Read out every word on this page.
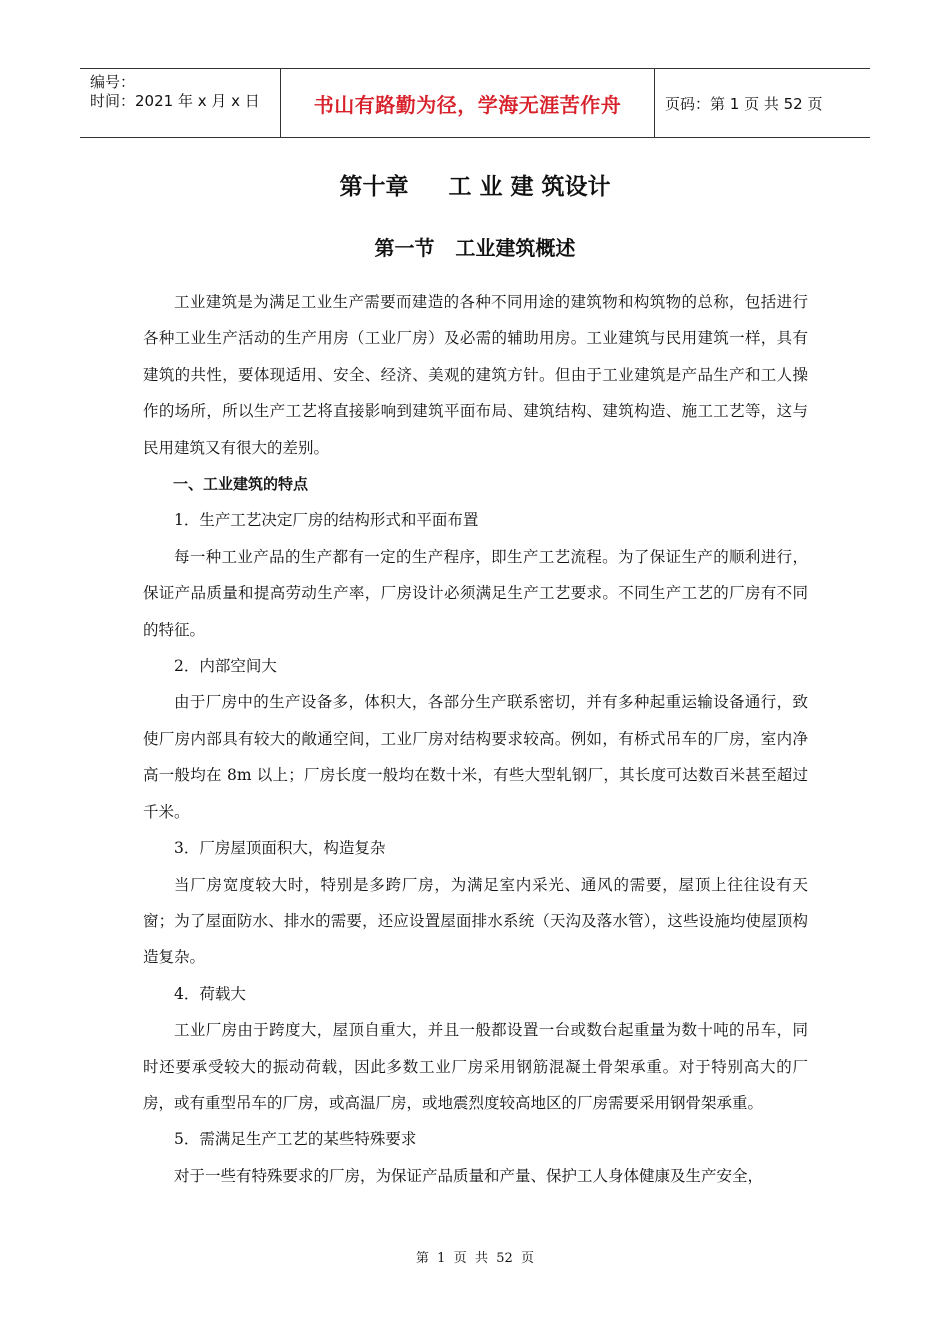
编号：
时间：2021 年 x 月 x 日	书山有路勤为径，学海无涯苦作舟	页码：第 1 页 共 52 页
第十章     工 业 建 筑设计
第一节   工业建筑概述

工业建筑是为满足工业生产需要而建造的各种不同用途的建筑物和构筑物的总称，包括进行各种工业生产活动的生产用房（工业厂房）及必需的辅助用房。工业建筑与民用建筑一样，具有建筑的共性，要体现适用、安全、经济、美观的建筑方针。但由于工业建筑是产品生产和工人操作的场所，所以生产工艺将直接影响到建筑平面布局、建筑结构、建筑构造、施工工艺等，这与民用建筑又有很大的差别。

一、工业建筑的特点

1．生产工艺决定厂房的结构形式和平面布置

每一种工业产品的生产都有一定的生产程序，即生产工艺流程。为了保证生产的顺利进行，保证产品质量和提高劳动生产率，厂房设计必须满足生产工艺要求。不同生产工艺的厂房有不同的特征。

2．内部空间大

由于厂房中的生产设备多，体积大，各部分生产联系密切，并有多种起重运输设备通行，致使厂房内部具有较大的敞通空间，工业厂房对结构要求较高。例如，有桥式吊车的厂房，室内净高一般均在 8m 以上；厂房长度一般均在数十米，有些大型轧钢厂，其长度可达数百米甚至超过千米。

3．厂房屋顶面积大，构造复杂

当厂房宽度较大时，特别是多跨厂房，为满足室内采光、通风的需要，屋顶上往往设有天窗；为了屋面防水、排水的需要，还应设置屋面排水系统（天沟及落水管），这些设施均使屋顶构造复杂。

4．荷载大

工业厂房由于跨度大，屋顶自重大，并且一般都设置一台或数台起重量为数十吨的吊车，同时还要承受较大的振动荷载，因此多数工业厂房采用钢筋混凝土骨架承重。对于特别高大的厂房，或有重型吊车的厂房，或高温厂房，或地震烈度较高地区的厂房需要采用钢骨架承重。

5．需满足生产工艺的某些特殊要求

对于一些有特殊要求的厂房，为保证产品质量和产量、保护工人身体健康及生产安全，

第  1  页  共  52  页
